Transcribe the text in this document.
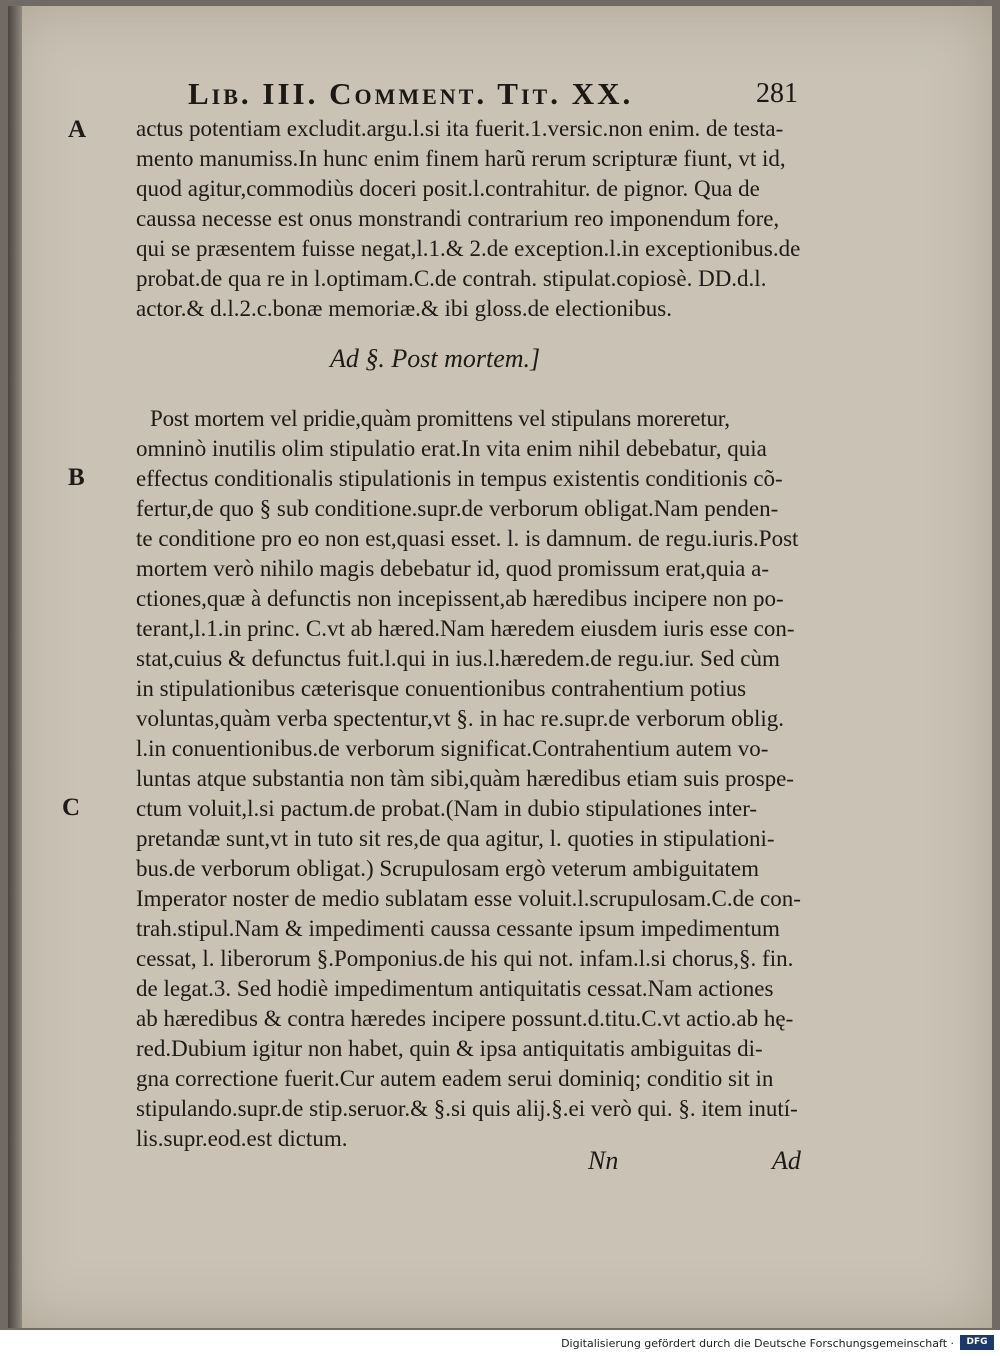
Lib. III. Comment. Tit. XX.	281
A
B
C
actus potentiam excludit.argu.l.si ita fuerit.1.versic.non enim. de testa-
mento manumiss.In hunc enim finem harũ rerum scripturæ fiunt, vt id,
quod agitur,commodiùs doceri posit.l.contrahitur. de pignor. Qua de
caussa necesse est onus monstrandi contrarium reo imponendum fore,
qui se præsentem fuisse negat,l.1.& 2.de exception.l.in exceptionibus.de
probat.de qua re in l.optimam.C.de contrah. stipulat.copiosè. DD.d.l.
actor.& d.l.2.c.bonæ memoriæ.& ibi gloss.de electionibus.
Ad §. Post mortem.]
Post mortem vel pridie,quàm promittens vel stipulans moreretur,
omninò inutilis olim stipulatio erat.In vita enim nihil debebatur, quia
effectus conditionalis stipulationis in tempus existentis conditionis cõ-
fertur,de quo § sub conditione.supr.de verborum obligat.Nam penden-
te conditione pro eo non est,quasi esset. l. is damnum. de regu.iuris.Post
mortem verò nihilo magis debebatur id, quod promissum erat,quia a-
ctiones,quæ à defunctis non incepissent,ab hæredibus incipere non po-
terant,l.1.in princ. C.vt ab hæred.Nam hæredem eiusdem iuris esse con-
stat,cuius & defunctus fuit.l.qui in ius.l.hæredem.de regu.iur. Sed cùm
in stipulationibus cæterisque conuentionibus contrahentium potius
voluntas,quàm verba spectentur,vt §. in hac re.supr.de verborum oblig.
l.in conuentionibus.de verborum significat.Contrahentium autem vo-
luntas atque substantia non tàm sibi,quàm hæredibus etiam suis prospe-
ctum voluit,l.si pactum.de probat.(Nam in dubio stipulationes inter-
pretandæ sunt,vt in tuto sit res,de qua agitur, l. quoties in stipulationi-
bus.de verborum obligat.) Scrupulosam ergò veterum ambiguitatem
Imperator noster de medio sublatam esse voluit.l.scrupulosam.C.de con-
trah.stipul.Nam & impedimenti caussa cessante ipsum impedimentum
cessat, l. liberorum §.Pomponius.de his qui not. infam.l.si chorus,§. fin.
de legat.3. Sed hodiè impedimentum antiquitatis cessat.Nam actiones
ab hæredibus & contra hæredes incipere possunt.d.titu.C.vt actio.ab hę-
red.Dubium igitur non habet, quin & ipsa antiquitatis ambiguitas di-
gna correctione fuerit.Cur autem eadem serui dominiq; conditio sit in
stipulando.supr.de stip.seruor.& §.si quis alij.§.ei verò qui. §. item inutí-
lis.supr.eod.est dictum.
Nn	Ad
Digitalisierung gefördert durch die Deutsche Forschungsgemeinschaft ·	DFG
